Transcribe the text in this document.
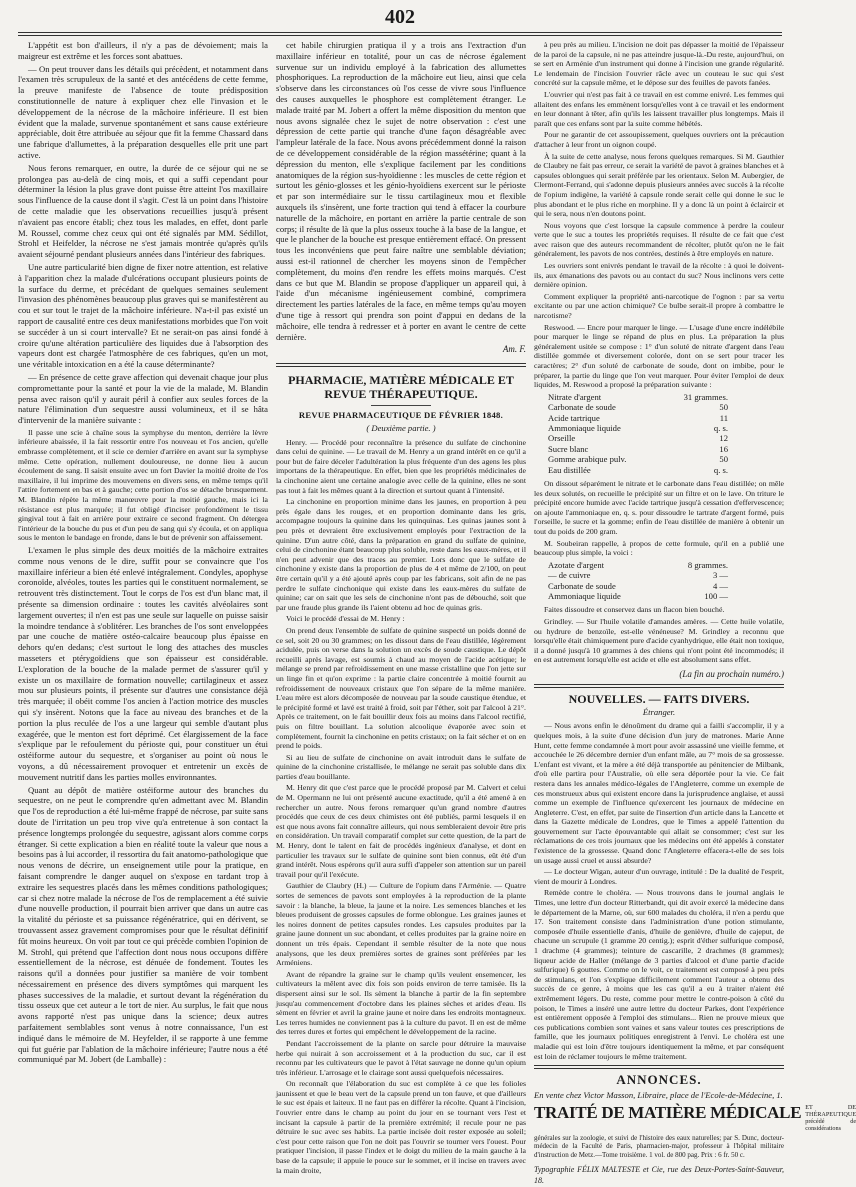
402

L'appétit est bon d'ailleurs, il n'y a pas de dévoiement; mais la maigreur est extrême et les forces sont abattues.

— On peut trouver dans les détails qui précèdent, et notamment dans l'examen très scrupuleux de la santé et des antécédens de cette femme, la preuve manifeste de l'absence de toute prédisposition constitutionnelle de nature à expliquer chez elle l'invasion et le développement de la nécrose de la mâchoire inférieure. Il est bien évident que la malade, survenue spontanément et sans cause extérieure appréciable, doit être attribuée au séjour que fit la femme Chassard dans une fabrique d'allumettes, à la préparation desquelles elle prit une part active.

Nous ferons remarquer, en outre, la durée de ce séjour qui ne se prolongea pas au-delà de cinq mois, et qui a suffi cependant pour déterminer la lésion la plus grave dont puisse être atteint l'os maxillaire sous l'influence de la cause dont il s'agit. C'est là un point dans l'histoire de cette maladie que les observations recueillies jusqu'à présent n'avaient pas encore établi; chez tous les malades, en effet, dont parle M. Roussel, comme chez ceux qui ont été signalés par MM. Sédillot, Strohl et Heifelder, la nécrose ne s'est jamais montrée qu'après qu'ils avaient séjourné pendant plusieurs années dans l'intérieur des fabriques.

Une autre particularité bien digne de fixer notre attention, est relative à l'apparition chez la malade d'ulcérations occupant plusieurs points de la surface du derme, et précédant de quelques semaines seulement l'invasion des phénomènes beaucoup plus graves qui se manifestèrent au cou et sur tout le trajet de la mâchoire inférieure. N'a-t-il pas existé un rapport de causalité entre ces deux manifestations morbides que l'on voit se succéder à un si court intervalle? Et ne serait-on pas ainsi fondé à croire qu'une altération particulière des liquides due à l'absorption des vapeurs dont est chargée l'atmosphère de ces fabriques, qu'en un mot, une véritable intoxication en a été la cause déterminante?

— En présence de cette grave affection qui devenait chaque jour plus compromettante pour la santé et pour la vie de la malade, M. Blandin pensa avec raison qu'il y aurait péril à confier aux seules forces de la nature l'élimination d'un sequestre aussi volumineux, et il se hâta d'intervenir de la manière suivante :

Il passe une scie à chaîne sous la symphyse du menton, derrière la lèvre inférieure abaissée, il la fait ressortir entre l'os nouveau et l'os ancien, qu'elle embrasse complètement, et il scie ce dernier d'arrière en avant sur la symphyse même. Cette opération, nullement douloureuse, ne donne lieu à aucun écoulement de sang. Il saisit ensuite avec un fort Davier la moitié droite de l'os maxillaire, il lui imprime des mouvemens en divers sens, en même temps qu'il l'attire fortement en bas et à gauche; cette portion d'os se détache brusquement. M. Blandin répète la même manœuvre pour la moitié gauche, mais ici la résistance est plus marquée; il fut obligé d'inciser profondément le tissu gingival tout à fait en arrière pour extraire ce second fragment. On détergea l'intérieur de la bouche du pus et d'un peu de sang qui s'y écoula, et on appliqua sous le menton le bandage en fronde, dans le but de prévenir son affaissement.

L'examen le plus simple des deux moitiés de la mâchoire extraites comme nous venons de le dire, suffit pour se convaincre que l'os maxillaire inférieur a bien été enlevé intégralement. Condyles, apophyse coronoïde, alvéoles, toutes les parties qui le constituent normalement, se retrouvent très distinctement. Tout le corps de l'os est d'un blanc mat, il présente sa dimension ordinaire : toutes les cavités alvéolaires sont largement ouvertes; il n'en est pas une seule sur laquelle on puisse saisir la moindre tendance à s'oblitérer. Les branches de l'os sont enveloppées par une couche de matière ostéo-calcaire beaucoup plus épaisse en dehors qu'en dedans; c'est surtout le long des attaches des muscles masseters et ptérygoïdiens que son épaisseur est considérable. L'exploration de la bouche de la malade permet de s'assurer qu'il y existe un os maxillaire de formation nouvelle; cartilagineux et assez mou sur plusieurs points, il présente sur d'autres une consistance déjà très marquée; il obéit comme l'os ancien à l'action motrice des muscles qui s'y insèrent. Notons que la face au niveau des branches et de la portion la plus reculée de l'os a une largeur qui semble d'autant plus exagérée, que le menton est fort déprimé. Cet élargissement de la face s'explique par le refoulement du périoste qui, pour constituer un étui ostéiforme autour du sequestre, et s'organiser au point où nous le voyons, a dû nécessairement provoquer et entretenir un excès de mouvement nutritif dans les parties molles environnantes.

Quant au dépôt de matière ostéiforme autour des branches du sequestre, on ne peut le comprendre qu'en admettant avec M. Blandin que l'os de reproduction a été lui-même frappé de nécrose, par suite sans doute de l'irritation un peu trop vive qu'a entretenue à son contact la présence longtemps prolongée du sequestre, agissant alors comme corps étranger. Si cette explication a bien en réalité toute la valeur que nous a besoins pas à lui accorder, il ressortira du fait anatomo-pathologique que nous venons de décrire, un enseignement utile pour la pratique, en faisant comprendre le danger auquel on s'expose en tardant trop à extraire les sequestres placés dans les mêmes conditions pathologiques; car si chez notre malade la nécrose de l'os de remplacement a été suivie d'une nouvelle production, il pourrait bien arriver que dans un autre cas la vitalité du périoste et sa puissance régénératrice, qui en dérivent, se trouvassent assez gravement compromises pour que le résultat définitif fût moins heureux. On voit par tout ce qui précède combien l'opinion de M. Strohl, qui prétend que l'affection dont nous nous occupons diffère essentiellement de la nécrose, est dénuée de fondement. Toutes les raisons qu'il a données pour justifier sa manière de voir tombent nécessairement en présence des divers symptômes qui marquent les phases successives de la maladie, et surtout devant la régénération du tissu osseux que cet auteur a le tort de nier. Au surplus, le fait que nous avons rapporté n'est pas unique dans la science; deux autres parfaitement semblables sont venus à notre connaissance, l'un est indiqué dans le mémoire de M. Heyfelder, il se rapporte à une femme qui fut guérie par l'ablation de la mâchoire inférieure; l'autre nous a été communiqué par M. Jobert (de Lamballe) :

cet habile chirurgien pratiqua il y a trois ans l'extraction d'un maxillaire inférieur en totalité, pour un cas de nécrose également survenue sur un individu employé à la fabrication des allumettes phosphoriques. La reproduction de la mâchoire eut lieu, ainsi que cela s'observe dans les circonstances où l'os cesse de vivre sous l'influence des causes auxquelles le phosphore est complètement étranger. Le malade traité par M. Jobert a offert la même disposition du menton que nous avons signalée chez le sujet de notre observation : c'est une dépression de cette partie qui tranche d'une façon désagréable avec l'ampleur latérale de la face. Nous avons précédemment donné la raison de ce développement considérable de la région massétérine; quant à la dépression du menton, elle s'explique facilement par les conditions anatomiques de la région sus-hyoïdienne : les muscles de cette région et surtout les génio-glosses et les génio-hyoïdiens exercent sur le périoste et par son intermédiaire sur le tissu cartilagineux mou et flexible auxquels ils s'insèrent, une forte traction qui tend à effacer la courbure naturelle de la mâchoire, en portant en arrière la partie centrale de son corps; il résulte de là que la plus osseux touche à la base de la langue, et que le plancher de la bouche est presque entièrement effacé. On pressent tous les inconvéniens que peut faire naître une semblable déviation; aussi est-il rationnel de chercher les moyens sinon de l'empêcher complètement, du moins d'en rendre les effets moins marqués. C'est dans ce but que M. Blandin se propose d'appliquer un appareil qui, à l'aide d'un mécanisme ingénieusement combiné, comprimera directement les parties latérales de la face, en même temps qu'au moyen d'une tige à ressort qui prendra son point d'appui en dedans de la mâchoire, elle tendra à redresser et à porter en avant le centre de cette dernière.

Am. F.
PHARMACIE, MATIÈRE MÉDICALE ET REVUE THÉRAPEUTIQUE.
REVUE PHARMACEUTIQUE DE FÉVRIER 1848.
( Deuxième partie. )

Henry. — Procédé pour reconnaître la présence du sulfate de cinchonine dans celui de quinine. — Le travail de M. Henry a un grand intérêt en ce qu'il a pour but de faire déceler l'adultération la plus fréquente d'un des agens les plus importans de la thérapeutique. En effet, bien que les propriétés médicinales de la cinchonine aient une certaine analogie avec celle de la quinine, elles ne sont pas tout à fait les mêmes quant à la direction et surtout quant à l'intensité.

La cinchonine en proportion minime dans les jaunes, en proportion à peu près égale dans les rouges, et en proportion dominante dans les gris, accompagne toujours la quinine dans les quinquinas. Les quinas jaunes sont à peu près et devraient être exclusivement employés pour l'extraction de la quinine. D'un autre côté, dans la préparation en grand du sulfate de quinine, celui de cinchonine étant beaucoup plus soluble, reste dans les eaux-mères, et il n'en peut advenir que des traces au premier. Lors donc que le sulfate de cinchonine y existe dans la proportion de plus de 4 et même de 2/100, on peut être certain qu'il y a été ajouté après coup par les fabricans, soit afin de ne pas perdre le sulfate cinchonique qui existe dans les eaux-mères du sulfate de quinine; car on sait que les sels de cinchonine n'ont pas de débouché, soit que par une fraude plus grande ils l'aient obtenu ad hoc de quinas gris.

Voici le procédé d'essai de M. Henry :

On prend deux l'ensemble de sulfate de quinine suspecté un poids donné de ce sel, soit 20 ou 30 grammes; on les dissout dans de l'eau distillée, légèrement acidulée, puis on verse dans la solution un excès de soude caustique. Le dépôt recueilli après lavage, est soumis à chaud au moyen de l'acide acétique; le mélange se prend par refroidissement en une masse cristalline que l'on jette sur un linge fin et qu'on exprime : la partie claire concentrée à moitié fournit au refroidissement de nouveaux cristaux que l'on sépare de la même manière. L'eau mère est alors décomposée de nouveau par la soude caustique étendue, et le précipité formé et lavé est traité à froid, soit par l'éther, soit par l'alcool à 21°. Après ce traitement, on le fait bouillir deux fois au moins dans l'alcool rectifié, puis on filtre bouillant. La solution alcoolique évaporée avec soin et complètement, fournit la cinchonine en petits cristaux; on la fait sécher et on en prend le poids.

Si au lieu de sulfate de cinchonine on avait introduit dans le sulfate de quinine de la cinchonine cristallisée, le mélange ne serait pas soluble dans dix parties d'eau bouillante.

M. Henry dit que c'est parce que le procédé proposé par M. Calvert et celui de M. Opermann ne lui ont présenté aucune exactitude, qu'il a été amené à en rechercher un autre. Nous ferons remarquer qu'un grand nombre d'autres procédés que ceux de ces deux chimistes ont été publiés, parmi lesquels il en est que nous avons fait connaître ailleurs, qui nous sembleraient devoir être pris en considération. Un travail comparatif complet sur cette question, de la part de M. Henry, dont le talent en fait de procédés ingénieux d'analyse, et dont en particulier les travaux sur le sulfate de quinine sont bien connus, eût été d'un grand intérêt. Nous espérons qu'il aura suffi d'appeler son attention sur un pareil travail pour qu'il l'exécute.

Gauthier de Claubry (H.) — Culture de l'opium dans l'Arménie. — Quatre sortes de semences de pavots sont employées à la reproduction de la plante savoir : la blanche, la bleue, la jaune et la noire. Les semences blanches et les bleues produisent de grosses capsules de forme oblongue. Les graines jaunes et les noires donnent de petites capsules rondes. Les capsules produites par la graine jaune donnent un suc abondant, et celles produites par la graine noire en donnent un très épais. Cependant il semble résulter de la note que nous analysons, que les deux premières sortes de graines sont préférées par les Arméniens.

Avant de répandre la graine sur le champ qu'ils veulent ensemencer, les cultivateurs la mêlent avec dix fois son poids environ de terre tamisée. Ils la dispersent ainsi sur le sol. Ils sèment la blanche à partir de la fin septembre jusqu'au commencement d'octobre dans les plaines sèches et arides d'eau. Ils sèment en février et avril la graine jaune et noire dans les endroits montagneux. Les terres humides ne conviennent pas à la culture du pavot. Il en est de même des terres dures et fortes qui empêchent le développement de la racine.

Pendant l'accroissement de la plante on sarcle pour détruire la mauvaise herbe qui nuirait à son accroissement et à la production du suc, car il est reconnu par les cultivateurs que le pavot à l'état sauvage ne donne qu'un opium très inférieur. L'arrosage et le clairage sont aussi quelquefois nécessaires.

On reconnaît que l'élaboration du suc est complète à ce que les folioles jaunissent et que le beau vert de la capsule prend un ton fauve, et que d'ailleurs le suc est épais et laiteux. Il ne faut pas en différer la récolte. Quant à l'incision, l'ouvrier entre dans le champ au point du jour en se tournant vers l'est et incisant la capsule à partir de la première extrémité; il recule pour ne pas détruire le suc avec ses habits. La partie incisée doit rester exposée au soleil; c'est pour cette raison que l'on ne doit pas l'ouvrir se tourner vers l'ouest. Pour pratiquer l'incision, il passe l'index et le doigt du milieu de la main gauche à la base de la capsule; il appuie le pouce sur le sommet, et il incise en travers avec la main droite,

à peu près au milieu. L'incision ne doit pas dépasser la moitié de l'épaisseur de la paroi de la capsule, ni ne pas atteindre jusque-là.-Du reste, aujourd'hui, on se sert en Arménie d'un instrument qui donne à l'incision une grande régularité. Le lendemain de l'incision l'ouvrier râcle avec un couteau le suc qui s'est concrété sur la capsule même, et le dépose sur des feuilles de pavots fanées.

L'ouvrier qui n'est pas fait à ce travail en est comme enivré. Les femmes qui allaitent des enfans les emmènent lorsqu'elles vont à ce travail et les endorment en leur donnant à têter, afin qu'ils les laissent travailler plus longtemps. Mais il paraît que ces enfans sont par la suite comme hébétés.

Pour ne garantir de cet assoupissement, quelques ouvriers ont la précaution d'attacher à leur front un oignon coupé.

À la suite de cette analyse, nous ferons quelques remarques. Si M. Gauthier de Claubry ne fait pas erreur, ce serait la variété de pavot à graines blanches et à capsules oblongues qui serait préférée par les orientaux. Selon M. Aubergier, de Clermont-Ferrand, qui s'adonne depuis plusieurs années avec succès à la récolte de l'opium indigène, la variété à capsule ronde serait celle qui donne le suc le plus abondant et le plus riche en morphine. Il y a donc là un point à éclaircir et qui le sera, nous n'en doutons point.

Nous voyons que c'est lorsque la capsule commence à perdre la couleur verte que le suc a toutes les propriétés requises. Il résulte de ce fait que c'est avec raison que des auteurs recommandent de récolter, plutôt qu'on ne le fait généralement, les pavots de nos contrées, destinés à être employés en nature.

Les ouvriers sont enivrés pendant le travail de la récolte : à quoi le doivent-ils, aux émanations des pavots ou au contact du suc? Nous inclinons vers cette dernière opinion.

Comment expliquer la propriété anti-narcotique de l'ognon : par sa vertu excitante ou par une action chimique? Ce bulbe serait-il propre à combattre le narcotisme?

Reswood. — Encre pour marquer le linge. — L'usage d'une encre indélébile pour marquer le linge se répand de plus en plus. La préparation la plus généralement usitée se compose : 1° d'un soluté de nitrate d'argent dans l'eau distillée gommée et diversement colorée, dont on se sert pour tracer les caractères; 2° d'un soluté de carbonate de soude, dont on imbibe, pour le préparer, la partie du linge que l'on veut marquer. Pour éviter l'emploi de deux liquides, M. Reswood a proposé la préparation suivante :

Nitrate d'argent	31 grammes.
Carbonate de soude	50
Acide tartrique	11
Ammoniaque liquide	q. s.
Orseille	12
Sucre blanc	16
Gomme arabique pulv.	50
Eau distillée	q. s.

On dissout séparément le nitrate et le carbonate dans l'eau distillée; on mêle les deux solutés, on recueille le précipité sur un filtre et on le lave. On triture le précipité encore humide avec l'acide tartrique jusqu'à cessation d'effervescence; on ajoute l'ammoniaque en, q. s. pour dissoudre le tartrate d'argent formé, puis l'orseille, le sucre et la gomme; enfin de l'eau distillée de manière à obtenir un tout du poids de 200 gram.

M. Soubeiran rappelle, à propos de cette formule, qu'il en a publié une beaucoup plus simple, la voici :

Azotate d'argent	8 grammes.
— de cuivre	3 —
Carbonate de soude	4 —
Ammoniaque liquide	100 —

Faites dissoudre et conservez dans un flacon bien bouché.

Grindley. — Sur l'huile volatile d'amandes amères. — Cette huile volatile, ou hydrure de benzoïle, est-elle vénéneuse? M. Grindley a reconnu que lorsqu'elle était chimiquement pure d'acide cyanhydrique, elle était non toxique, il a donné jusqu'à 10 grammes à des chiens qui n'ont point été incommodés; il en est autrement lorsqu'elle est acide et elle est absolument sans effet.

(La fin au prochain numéro.)
NOUVELLES. — FAITS DIVERS.
Étranger.

— Nous avons enfin le dénoûment du drame qui a failli s'accomplir, il y a quelques mois, à la suite d'une décision d'un jury de matrones. Marie Anne Hunt, cette femme condamnée à mort pour avoir assassiné une vieille femme, et accouchée le 26 décembre dernier d'un enfant mâle, au 7° mois de sa grossesse. L'enfant est vivant, et la mère a été déjà transportée au pénitencier de Milbank, d'où elle partira pour l'Australie, où elle sera déportée pour la vie. Ce fait restera dans les annales médico-légales de l'Angleterre, comme un exemple de ces monstrueux abus qui existent encore dans la jurisprudence anglaise, et aussi comme un exemple de l'influence qu'exercent les journaux de médecine en Angleterre. C'est, en effet, par suite de l'insertion d'un article dans la Lancette et dans la Gazette médicale de Londres, que le Times a appelé l'attention du gouvernement sur l'acte épouvantable qui allait se consommer; c'est sur les réclamations de ces trois journaux que les médecins ont été appelés à constater l'existence de la grossesse. Quand donc l'Angleterre effacera-t-elle de ses lois un usage aussi cruel et aussi absurde?

— Le docteur Wigan, auteur d'un ouvrage, intitulé : De la dualité de l'esprit, vient de mourir à Londres.

Remède contre le choléra. — Nous trouvons dans le journal anglais le Times, une lettre d'un docteur Ritterbandt, qui dit avoir exercé la médecine dans le département de la Marne, où, sur 600 malades du choléra, il n'en a perdu que 17. Son traitement consiste dans l'administration d'une potion stimulante, composée d'huile essentielle d'anis, d'huile de genièvre, d'huile de cajeput, de chacune un scrupule (1 gramme 20 centig.); esprit d'éther sulfurique composé, 1 drachme (4 grammes); teinture de cascarille, 2 drachmes (8 grammes); liqueur acide de Haller (mélange de 3 parties d'alcool et d'une partie d'acide sulfurique) 6 gouttes. Comme on le voit, ce traitement est composé à peu près de stimulans, et l'on s'explique difficilement comment l'auteur a obtenu des succès de ce genre, à moins que les cas qu'il a eu à traiter n'aient été extrêmement légers. Du reste, comme pour mettre le contre-poison à côté du poison, le Times a inséré une autre lettre du docteur Parkes, dont l'expérience est entièrement opposée à l'emploi des stimulans... Rien ne prouve mieux que ces publications combien sont vaines et sans valeur toutes ces prescriptions de famille, que les journaux politiques enregistrent à l'envi. Le choléra est une maladie qui est loin d'être toujours identiquement la même, et par conséquent est loin de réclamer toujours le même traitement.

ANNONCES.
En vente chez Victor Masson, Libraire, place de l'Ecole-de-Médecine, 1.
TRAITÉ DE MATIÈRE MÉDICALE ET DE THÉRAPEUTIQUE précédé de considérations
générales sur la zoologie, et suivi de l'histoire des eaux naturelles; par S. Dunc, docteur-médecin de la Faculté de Paris, pharmacien-major, professeur à l'hôpital militaire d'instruction de Metz.—Tome troisième. 1 vol. de 800 pag. Prix : 6 fr. 50 c.
Typographie FÉLIX MALTESTE et Cie, rue des Deux-Portes-Saint-Sauveur, 18.
